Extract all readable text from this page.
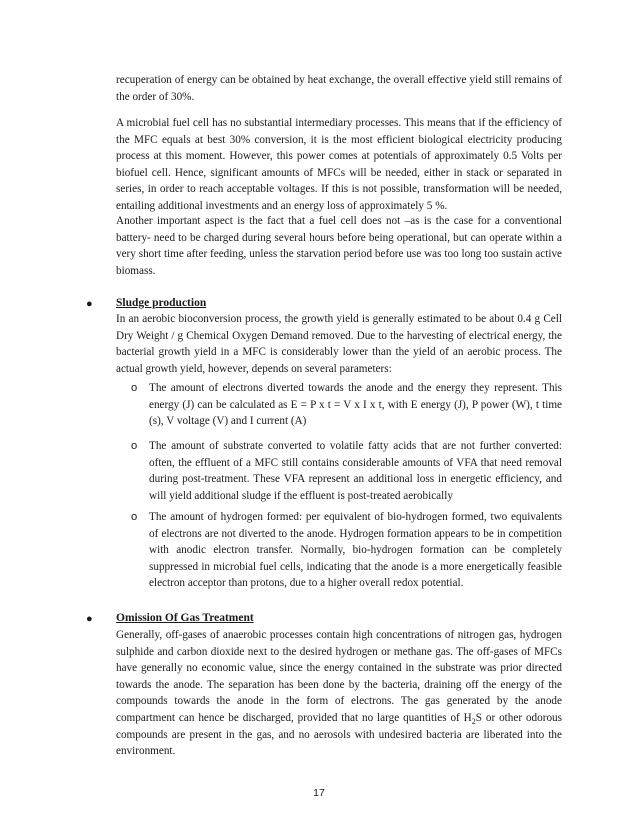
recuperation of energy can be obtained by heat exchange, the overall effective yield still remains of the order of 30%.

A microbial fuel cell has no substantial intermediary processes. This means that if the efficiency of the MFC equals at best 30% conversion, it is the most efficient biological electricity producing process at this moment. However, this power comes at potentials of approximately 0.5 Volts per biofuel cell. Hence, significant amounts of MFCs will be needed, either in stack or separated in series, in order to reach acceptable voltages. If this is not possible, transformation will be needed, entailing additional investments and an energy loss of approximately 5 %.

Another important aspect is the fact that a fuel cell does not –as is the case for a conventional battery- need to be charged during several hours before being operational, but can operate within a very short time after feeding, unless the starvation period before use was too long too sustain active biomass.

● Sludge production

In an aerobic bioconversion process, the growth yield is generally estimated to be about 0.4 g Cell Dry Weight / g Chemical Oxygen Demand removed. Due to the harvesting of electrical energy, the bacterial growth yield in a MFC is considerably lower than the yield of an aerobic process. The actual growth yield, however, depends on several parameters:

o The amount of electrons diverted towards the anode and the energy they represent. This energy (J) can be calculated as E = P x t = V x I x t, with E energy (J), P power (W), t time (s), V voltage (V) and I current (A)

o The amount of substrate converted to volatile fatty acids that are not further converted: often, the effluent of a MFC still contains considerable amounts of VFA that need removal during post-treatment. These VFA represent an additional loss in energetic efficiency, and will yield additional sludge if the effluent is post-treated aerobically

o The amount of hydrogen formed: per equivalent of bio-hydrogen formed, two equivalents of electrons are not diverted to the anode. Hydrogen formation appears to be in competition with anodic electron transfer. Normally, bio-hydrogen formation can be completely suppressed in microbial fuel cells, indicating that the anode is a more energetically feasible electron acceptor than protons, due to a higher overall redox potential.

● Omission Of Gas Treatment

Generally, off-gases of anaerobic processes contain high concentrations of nitrogen gas, hydrogen sulphide and carbon dioxide next to the desired hydrogen or methane gas. The off-gases of MFCs have generally no economic value, since the energy contained in the substrate was prior directed towards the anode. The separation has been done by the bacteria, draining off the energy of the compounds towards the anode in the form of electrons. The gas generated by the anode compartment can hence be discharged, provided that no large quantities of $H_2S$ or other odorous compounds are present in the gas, and no aerosols with undesired bacteria are liberated into the environment.

17
